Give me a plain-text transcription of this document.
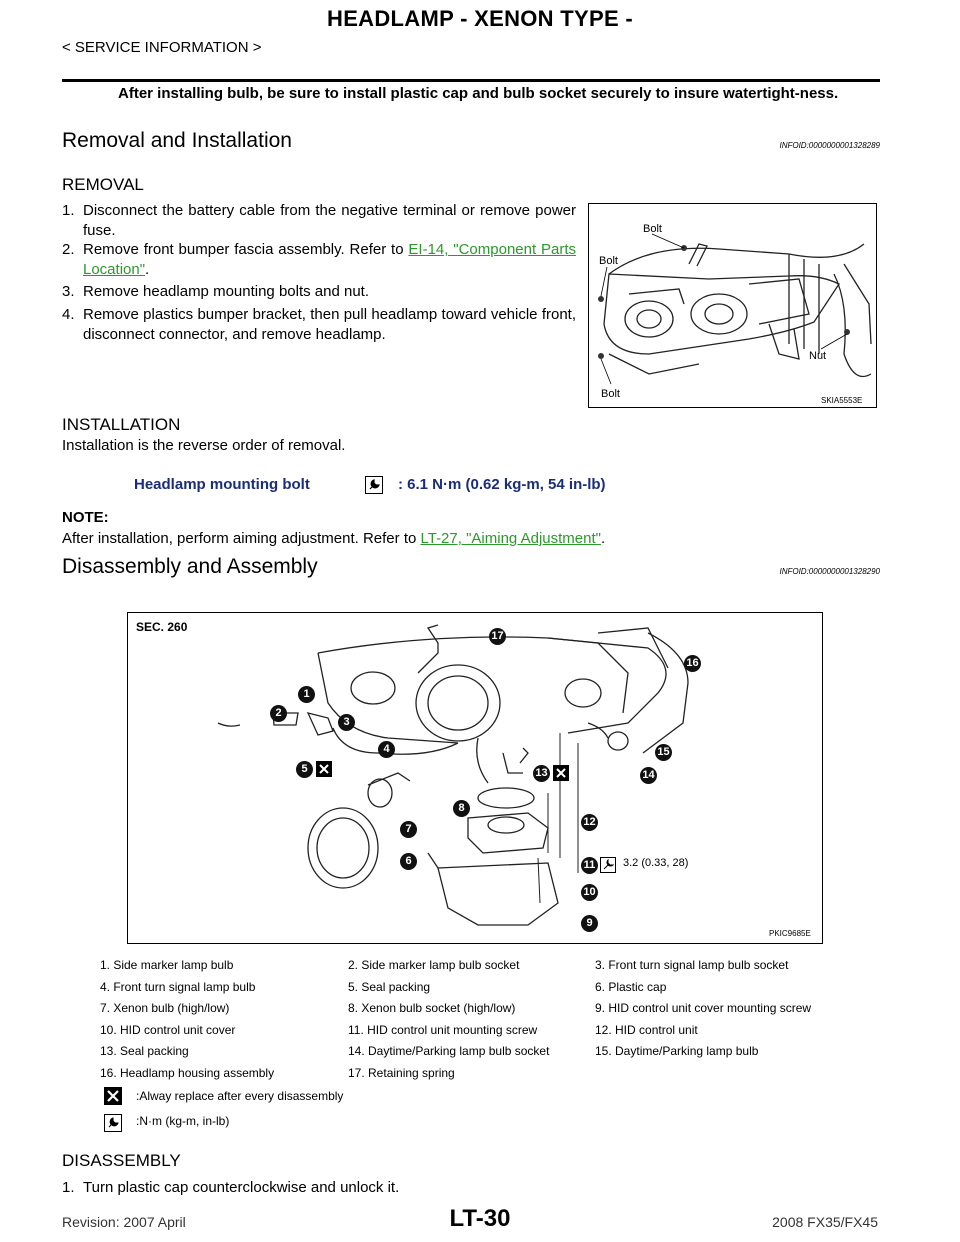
HEADLAMP - XENON TYPE -
< SERVICE INFORMATION >
After installing bulb, be sure to install plastic cap and bulb socket securely to insure watertight-ness.
Removal and Installation	INFOID:0000000001328289
REMOVAL
1. Disconnect the battery cable from the negative terminal or remove power fuse.
2. Remove front bumper fascia assembly. Refer to EI-14, "Component Parts Location".
3. Remove headlamp mounting bolts and nut.
4. Remove plastics bumper bracket, then pull headlamp toward vehicle front, disconnect connector, and remove headlamp.
Bolt
Bolt
Nut
Bolt
SKIA5553E
INSTALLATION
Installation is the reverse order of removal.
Headlamp mounting bolt	: 6.1 N·m (0.62 kg-m, 54 in-lb)
NOTE:
After installation, perform aiming adjustment. Refer to LT-27, "Aiming Adjustment".
Disassembly and Assembly	INFOID:0000000001328290
SEC. 260
3.2 (0.33, 28)
PKIC9685E
1
2
3
4
5
6
7
8
9
10
11
12
13	14
15
16
17
1. Side marker lamp bulb	2. Side marker lamp bulb socket	3. Front turn signal lamp bulb socket
4. Front turn signal lamp bulb	5. Seal packing	6. Plastic cap
7. Xenon bulb (high/low)	8. Xenon bulb socket (high/low)	9. HID control unit cover mounting screw
10. HID control unit cover	11. HID control unit mounting screw	12. HID control unit
13. Seal packing	14. Daytime/Parking lamp bulb socket	15. Daytime/Parking lamp bulb
16. Headlamp housing assembly	17. Retaining spring
:Alway replace after every disassembly
:N·m (kg-m, in-lb)
DISASSEMBLY
1. Turn plastic cap counterclockwise and unlock it.
LT-30
Revision: 2007 April	2008 FX35/FX45
